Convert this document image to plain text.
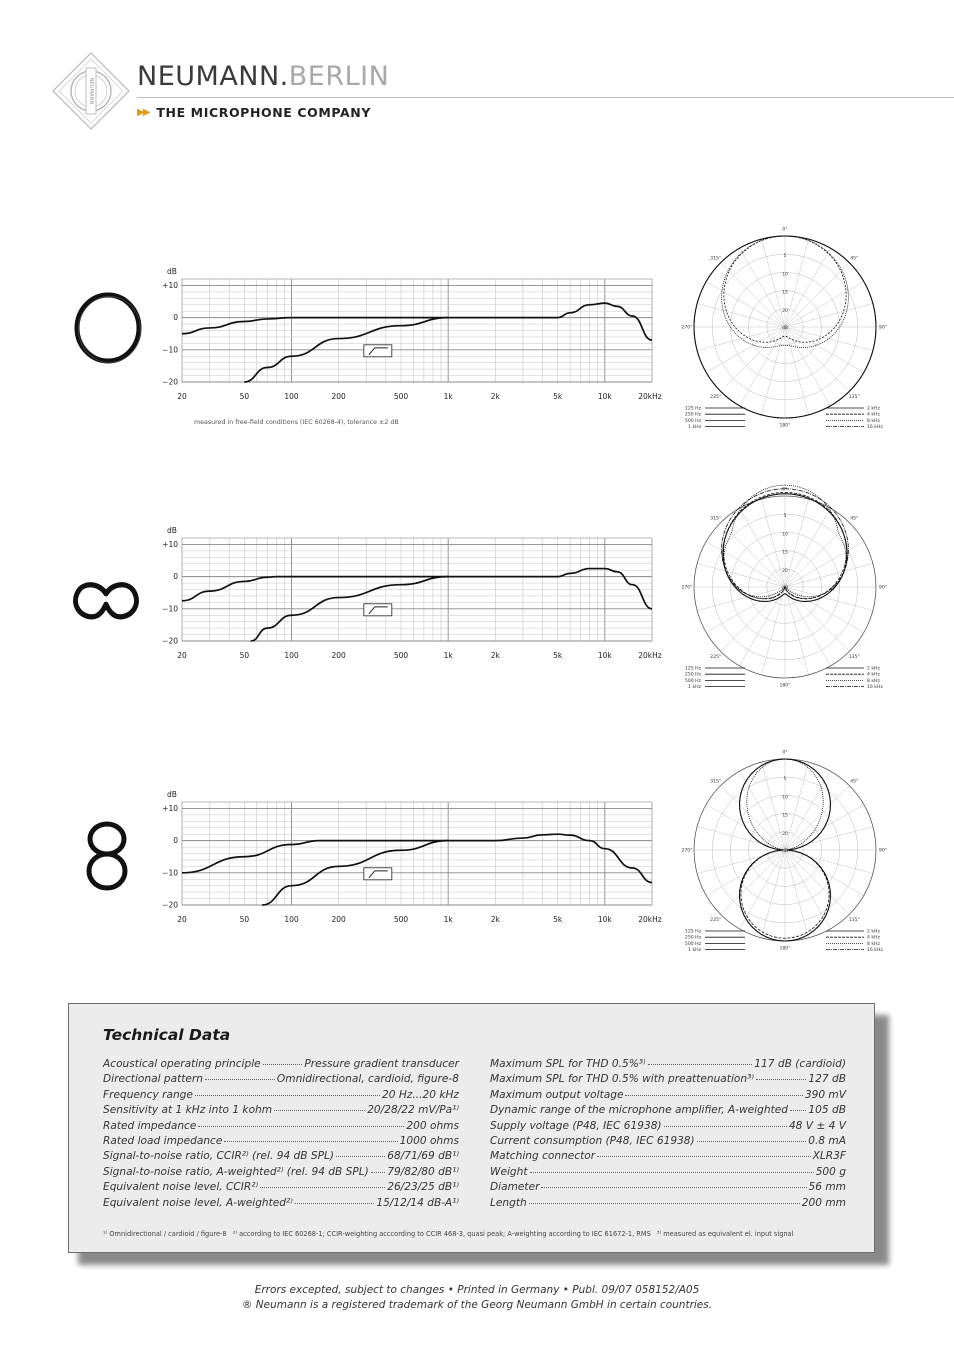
NEUMANN NEUMANN.BERLIN
▶▶ THE MICROPHONE COMPANY
+10
0
−10
−20
dB
20	50	100	200	500	1k	2k	5k	10k	20kHz
measured in free-field conditions (IEC 60268-4), tolerance ±2 dB
+10
0
−10
−20
dB
20	50	100	200	500	1k	2k	5k	10k	20kHz
+10
0
−10
−20
dB
20	50	100	200	500	1k	2k	5k	10k	20kHz
5
10
15
20
dB
0°
45°
90°
135°
180°
225°
270°
315°
125 Hz
250 Hz
500 Hz
1 kHz
2 kHz
4 kHz
8 kHz
16 kHz
5
10
15
20
dB
0°
45°
90°
135°
180°
225°
270°
315°
125 Hz
250 Hz
500 Hz
1 kHz
2 kHz
4 kHz
8 kHz
16 kHz
5
10
15
20
dB
0°
45°
90°
135°
180°
225°
270°
315°
125 Hz
250 Hz
500 Hz
1 kHz
2 kHz
4 kHz
8 kHz
16 kHz
Technical Data
Acoustical operating principle	Pressure gradient transducer
Directional pattern	Omnidirectional, cardioid, figure-8
Frequency range	20 Hz...20 kHz
Sensitivity at 1 kHz into 1 kohm	20/28/22 mV/Pa¹⁾
Rated impedance	200 ohms
Rated load impedance	1000 ohms
Signal-to-noise ratio, CCIR²⁾ (rel. 94 dB SPL)	68/71/69 dB¹⁾
Signal-to-noise ratio, A-weighted²⁾ (rel. 94 dB SPL) 79/82/80 dB¹⁾
Equivalent noise level, CCIR²⁾	26/23/25 dB¹⁾
Equivalent noise level, A-weighted²⁾	15/12/14 dB-A¹⁾
Maximum SPL for THD 0.5%³⁾	117 dB (cardioid)
Maximum SPL for THD 0.5% with preattenuation³⁾	127 dB
Maximum output voltage	390 mV
Dynamic range of the microphone amplifier, A-weighted 105 dB
Supply voltage (P48, IEC 61938)	48 V ± 4 V
Current consumption (P48, IEC 61938)	0.8 mA
Matching connector	XLR3F
Weight	500 g
Diameter	56 mm
Length	200 mm
¹⁾ Omnidirectional / cardioid / figure-8 ²⁾ according to IEC 60268-1; CCIR-weighting acccording to CCIR 468-3, quasi peak; A-weighting according to IEC 61672-1, RMS ³⁾ measured as equivalent el. input signal
Errors excepted, subject to changes • Printed in Germany • Publ. 09/07 058152/A05
® Neumann is a registered trademark of the Georg Neumann GmbH in certain countries.
